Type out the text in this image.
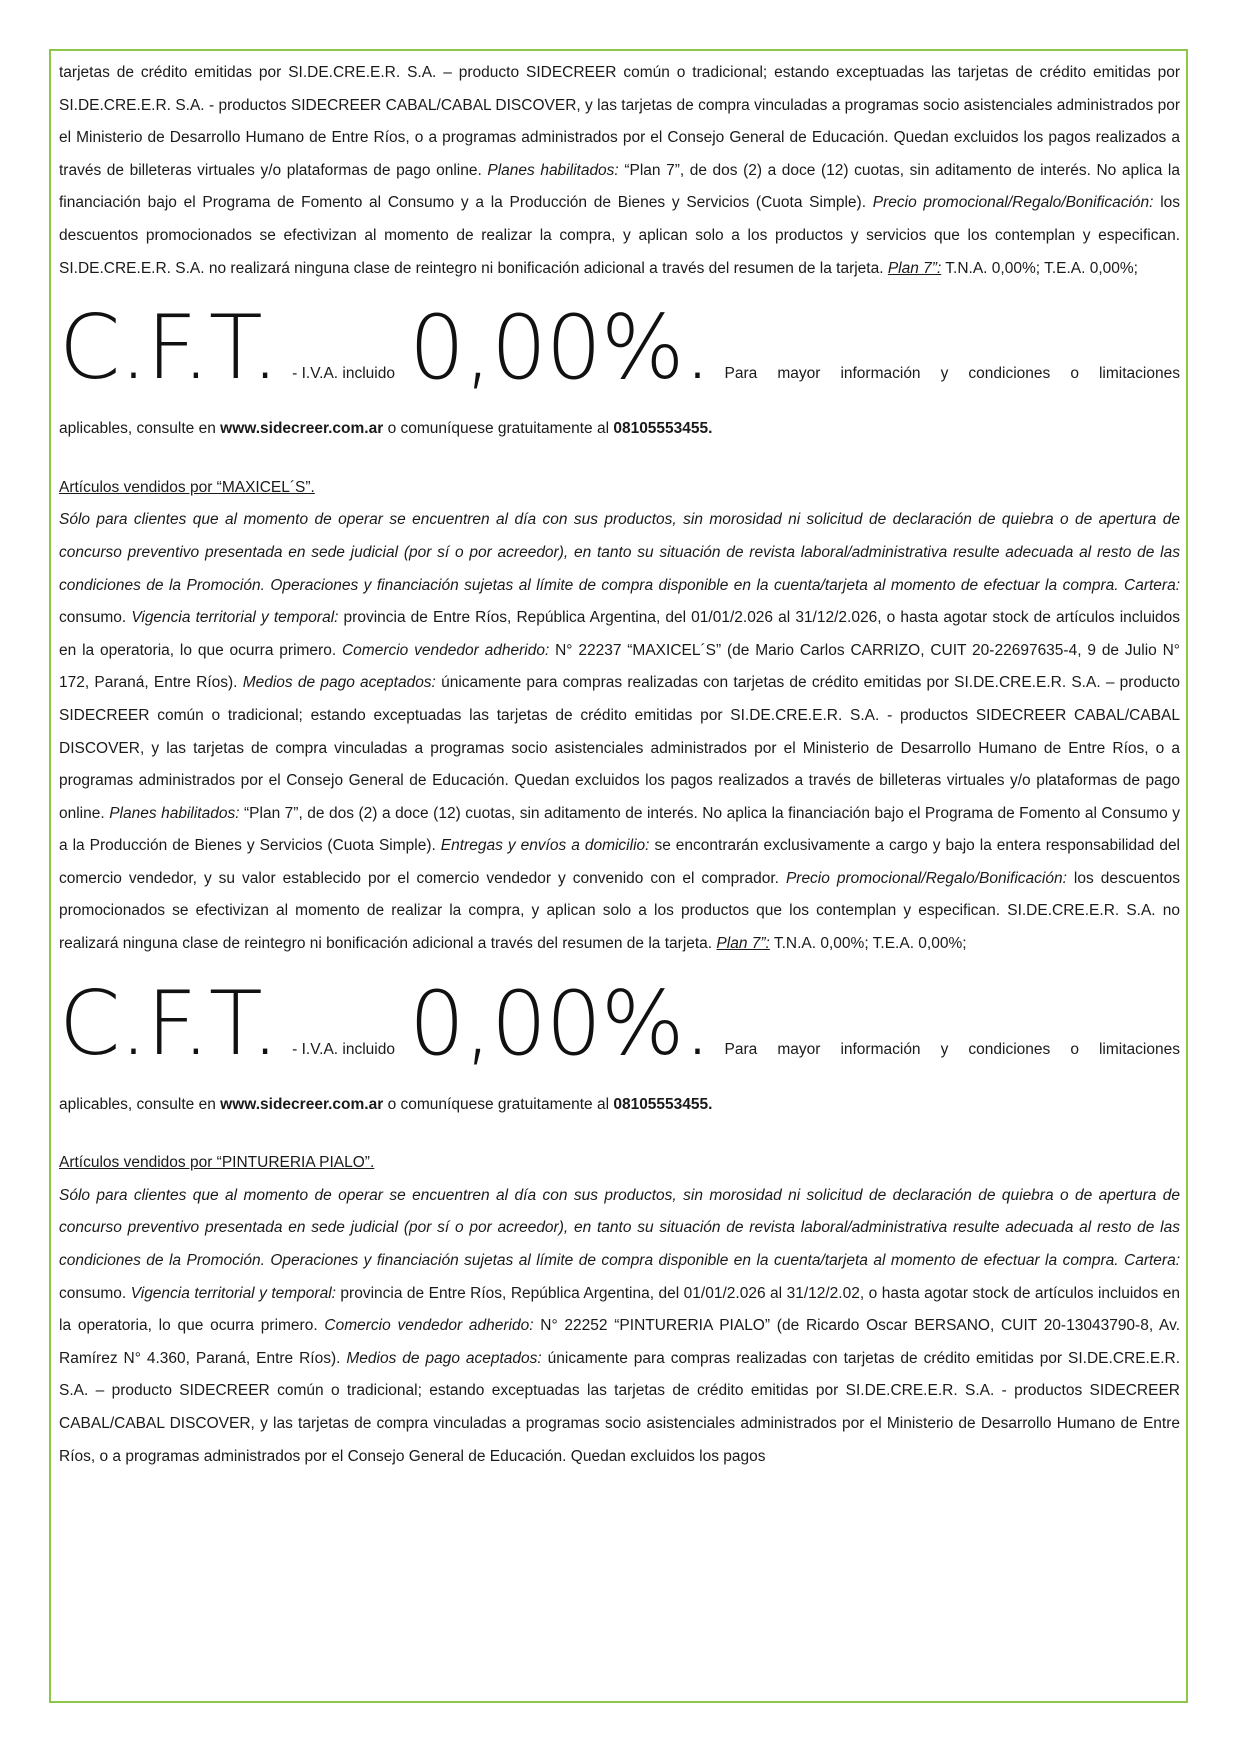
tarjetas de crédito emitidas por SI.DE.CRE.E.R. S.A. – producto SIDECREER común o tradicional; estando exceptuadas las tarjetas de crédito emitidas por SI.DE.CRE.E.R. S.A. - productos SIDECREER CABAL/CABAL DISCOVER, y las tarjetas de compra vinculadas a programas socio asistenciales administrados por el Ministerio de Desarrollo Humano de Entre Ríos, o a programas administrados por el Consejo General de Educación. Quedan excluidos los pagos realizados a través de billeteras virtuales y/o plataformas de pago online. Planes habilitados: “Plan 7”, de dos (2) a doce (12) cuotas, sin aditamento de interés. No aplica la financiación bajo el Programa de Fomento al Consumo y a la Producción de Bienes y Servicios (Cuota Simple). Precio promocional/Regalo/Bonificación: los descuentos promocionados se efectivizan al momento de realizar la compra, y aplican solo a los productos y servicios que los contemplan y especifican. SI.DE.CRE.E.R. S.A. no realizará ninguna clase de reintegro ni bonificación adicional a través del resumen de la tarjeta. Plan 7”: T.N.A. 0,00%; T.E.A. 0,00%;

C.F.T. - I.V.A. incluido 0,00%. Para mayor información y condiciones o limitaciones

aplicables, consulte en www.sidecreer.com.ar o comuníquese gratuitamente al 08105553455.

Artículos vendidos por “MAXICEL´S”.

Sólo para clientes que al momento de operar se encuentren al día con sus productos, sin morosidad ni solicitud de declaración de quiebra o de apertura de concurso preventivo presentada en sede judicial (por sí o por acreedor), en tanto su situación de revista laboral/administrativa resulte adecuada al resto de las condiciones de la Promoción. Operaciones y financiación sujetas al límite de compra disponible en la cuenta/tarjeta al momento de efectuar la compra. Cartera: consumo. Vigencia territorial y temporal: provincia de Entre Ríos, República Argentina, del 01/01/2.026 al 31/12/2.026, o hasta agotar stock de artículos incluidos en la operatoria, lo que ocurra primero. Comercio vendedor adherido: N° 22237 “MAXICEL´S” (de Mario Carlos CARRIZO, CUIT 20-22697635-4, 9 de Julio N° 172, Paraná, Entre Ríos). Medios de pago aceptados: únicamente para compras realizadas con tarjetas de crédito emitidas por SI.DE.CRE.E.R. S.A. – producto SIDECREER común o tradicional; estando exceptuadas las tarjetas de crédito emitidas por SI.DE.CRE.E.R. S.A. - productos SIDECREER CABAL/CABAL DISCOVER, y las tarjetas de compra vinculadas a programas socio asistenciales administrados por el Ministerio de Desarrollo Humano de Entre Ríos, o a programas administrados por el Consejo General de Educación. Quedan excluidos los pagos realizados a través de billeteras virtuales y/o plataformas de pago online. Planes habilitados: “Plan 7”, de dos (2) a doce (12) cuotas, sin aditamento de interés. No aplica la financiación bajo el Programa de Fomento al Consumo y a la Producción de Bienes y Servicios (Cuota Simple). Entregas y envíos a domicilio: se encontrarán exclusivamente a cargo y bajo la entera responsabilidad del comercio vendedor, y su valor establecido por el comercio vendedor y convenido con el comprador. Precio promocional/Regalo/Bonificación: los descuentos promocionados se efectivizan al momento de realizar la compra, y aplican solo a los productos que los contemplan y especifican. SI.DE.CRE.E.R. S.A. no realizará ninguna clase de reintegro ni bonificación adicional a través del resumen de la tarjeta. Plan 7”: T.N.A. 0,00%; T.E.A. 0,00%;

C.F.T. - I.V.A. incluido 0,00%. Para mayor información y condiciones o limitaciones

aplicables, consulte en www.sidecreer.com.ar o comuníquese gratuitamente al 08105553455.

Artículos vendidos por “PINTURERIA PIALO”.

Sólo para clientes que al momento de operar se encuentren al día con sus productos, sin morosidad ni solicitud de declaración de quiebra o de apertura de concurso preventivo presentada en sede judicial (por sí o por acreedor), en tanto su situación de revista laboral/administrativa resulte adecuada al resto de las condiciones de la Promoción. Operaciones y financiación sujetas al límite de compra disponible en la cuenta/tarjeta al momento de efectuar la compra. Cartera: consumo. Vigencia territorial y temporal: provincia de Entre Ríos, República Argentina, del 01/01/2.026 al 31/12/2.02, o hasta agotar stock de artículos incluidos en la operatoria, lo que ocurra primero. Comercio vendedor adherido: N° 22252 “PINTURERIA PIALO” (de Ricardo Oscar BERSANO, CUIT 20-13043790-8, Av. Ramírez N° 4.360, Paraná, Entre Ríos). Medios de pago aceptados: únicamente para compras realizadas con tarjetas de crédito emitidas por SI.DE.CRE.E.R. S.A. – producto SIDECREER común o tradicional; estando exceptuadas las tarjetas de crédito emitidas por SI.DE.CRE.E.R. S.A. - productos SIDECREER CABAL/CABAL DISCOVER, y las tarjetas de compra vinculadas a programas socio asistenciales administrados por el Ministerio de Desarrollo Humano de Entre Ríos, o a programas administrados por el Consejo General de Educación. Quedan excluidos los pagos
